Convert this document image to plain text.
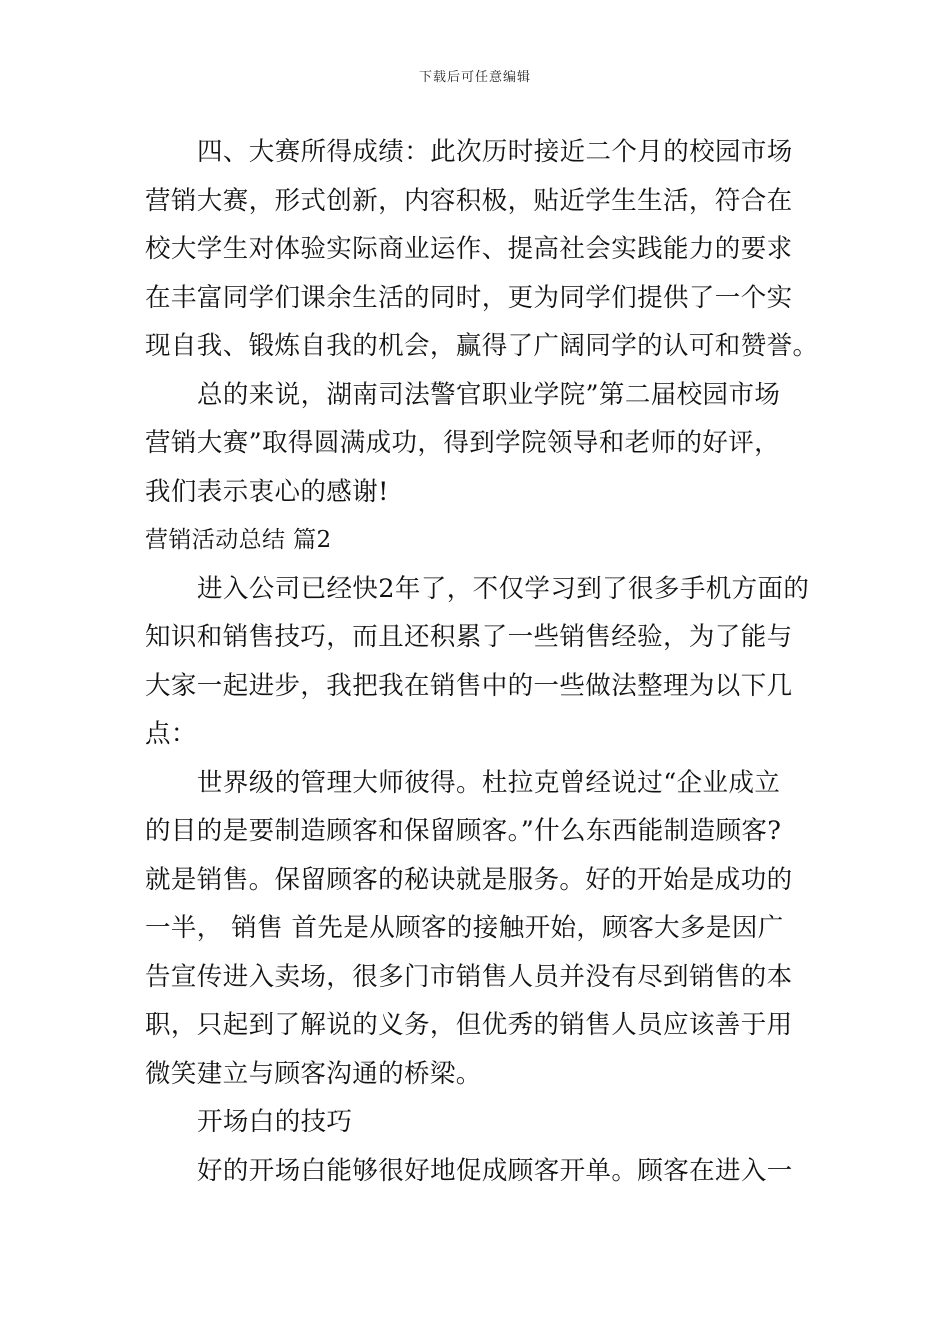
下载后可任意编辑
四、大赛所得成绩：此次历时接近二个月的校园市场
营销大赛，形式创新，内容积极，贴近学生生活，符合在
校大学生对体验实际商业运作、提高社会实践能力的要求
在丰富同学们课余生活的同时，更为同学们提供了一个实
现自我、锻炼自我的机会，赢得了广阔同学的认可和赞誉。
总的来说，湖南司法警官职业学院”第二届校园市场
营销大赛”取得圆满成功，得到学院领导和老师的好评，
我们表示衷心的感谢!
营销活动总结 篇2
进入公司已经快2年了，不仅学习到了很多手机方面的
知识和销售技巧，而且还积累了一些销售经验，为了能与
大家一起进步，我把我在销售中的一些做法整理为以下几
点：
世界级的管理大师彼得。杜拉克曾经说过“企业成立
的目的是要制造顾客和保留顾客。”什么东西能制造顾客?
就是销售。保留顾客的秘诀就是服务。好的开始是成功的
一半， 销售 首先是从顾客的接触开始，顾客大多是因广
告宣传进入卖场，很多门市销售人员并没有尽到销售的本
职，只起到了解说的义务，但优秀的销售人员应该善于用
微笑建立与顾客沟通的桥梁。
开场白的技巧
好的开场白能够很好地促成顾客开单。顾客在进入一
